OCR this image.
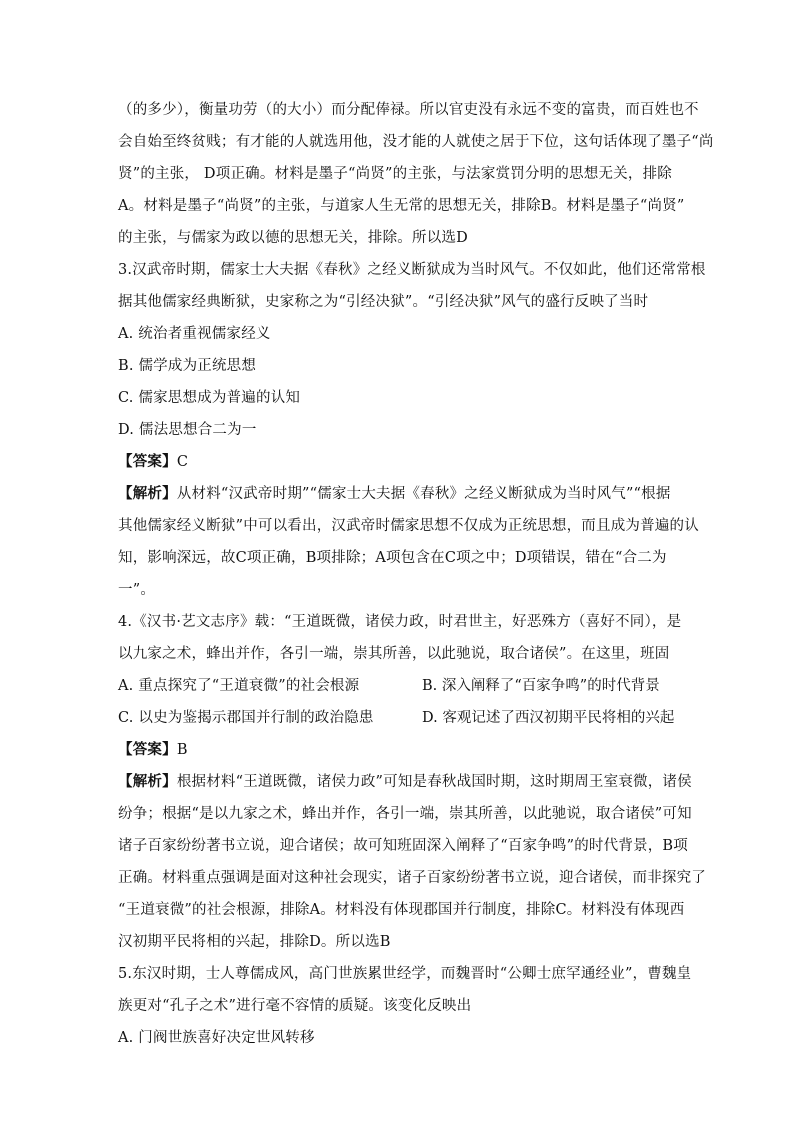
（的多少），衡量功劳（的大小）而分配俸禄。所以官吏没有永远不变的富贵，而百姓也不
会自始至终贫贱；有才能的人就选用他，没才能的人就使之居于下位，这句话体现了墨子“尚
贤”的主张， D项正确。材料是墨子“尚贤”的主张，与法家赏罚分明的思想无关，排除
A。材料是墨子“尚贤”的主张，与道家人生无常的思想无关，排除B。材料是墨子“尚贤”
的主张，与儒家为政以德的思想无关，排除。所以选D
3.汉武帝时期，儒家士大夫据《春秋》之经义断狱成为当时风气。不仅如此，他们还常常根
据其他儒家经典断狱，史家称之为“引经决狱”。“引经决狱”风气的盛行反映了当时
A. 统治者重视儒家经义
B. 儒学成为正统思想
C. 儒家思想成为普遍的认知
D. 儒法思想合二为一
【答案】C
【解析】从材料“汉武帝时期”“儒家士大夫据《春秋》之经义断狱成为当时风气”“根据
其他儒家经义断狱”中可以看出，汉武帝时儒家思想不仅成为正统思想，而且成为普遍的认
知，影响深远，故C项正确，B项排除；A项包含在C项之中；D项错误，错在“合二为
一”。
4.《汉书·艺文志序》载：“王道既微，诸侯力政，时君世主，好恶殊方（喜好不同），是
以九家之术，蜂出并作，各引一端，崇其所善，以此驰说，取合诸侯”。在这里，班固
A. 重点探究了“王道衰微”的社会根源	B. 深入阐释了“百家争鸣”的时代背景
C. 以史为鉴揭示郡国并行制的政治隐患	D. 客观记述了西汉初期平民将相的兴起
【答案】B
【解析】根据材料“王道既微，诸侯力政”可知是春秋战国时期，这时期周王室衰微，诸侯
纷争；根据“是以九家之术，蜂出并作，各引一端，崇其所善，以此驰说，取合诸侯”可知
诸子百家纷纷著书立说，迎合诸侯；故可知班固深入阐释了“百家争鸣”的时代背景，B项
正确。材料重点强调是面对这种社会现实，诸子百家纷纷著书立说，迎合诸侯，而非探究了
“王道衰微”的社会根源，排除A。材料没有体现郡国并行制度，排除C。材料没有体现西
汉初期平民将相的兴起，排除D。所以选B
5.东汉时期，士人尊儒成风，高门世族累世经学，而魏晋时“公卿士庶罕通经业”，曹魏皇
族更对“孔子之术”进行毫不容情的质疑。该变化反映出
A. 门阀世族喜好决定世风转移
